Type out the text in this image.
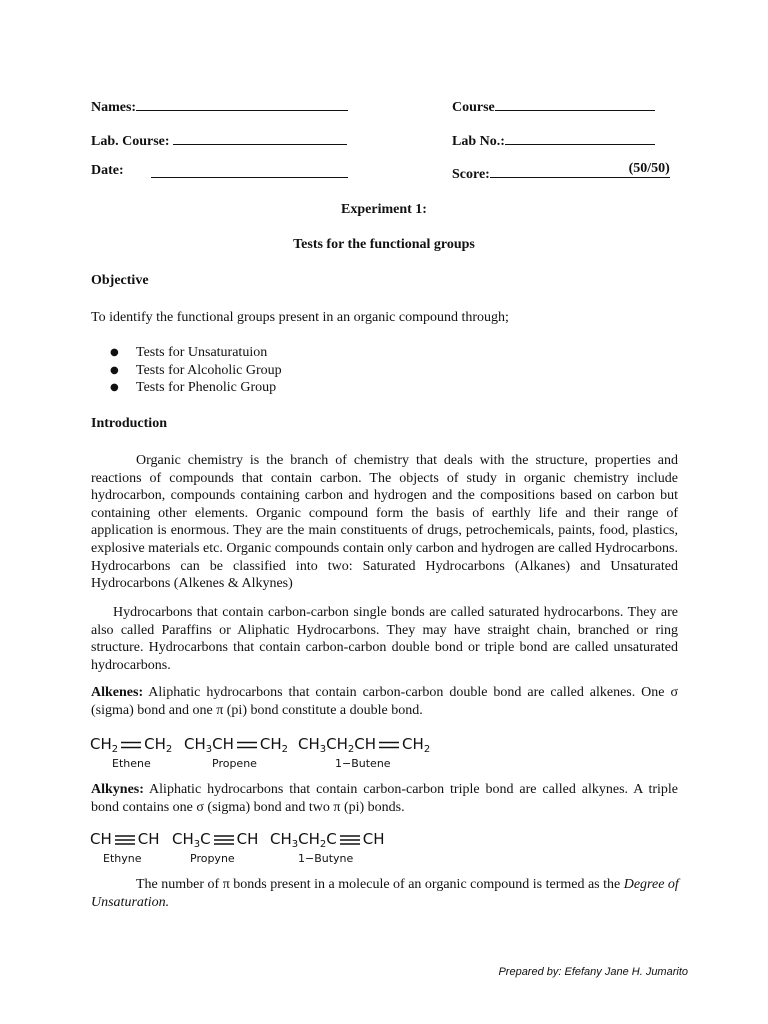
Names:	Course
Lab. Course:	Lab No.:
Date:	Score:	(50/50)
Experiment 1:
Tests for the functional groups
Objective
To identify the functional groups present in an organic compound through;
● Tests for Unsaturatuion
● Tests for Alcoholic Group
● Tests for Phenolic Group
Introduction
Organic chemistry is the branch of chemistry that deals with the structure, properties and reactions of compounds that contain carbon. The objects of study in organic chemistry include hydrocarbon, compounds containing carbon and hydrogen and the compositions based on carbon but containing other elements. Organic compound form the basis of earthly life and their range of application is enormous. They are the main constituents of drugs, petrochemicals, paints, food, plastics, explosive materials etc. Organic compounds contain only carbon and hydrogen are called Hydrocarbons. Hydrocarbons can be classified into two: Saturated Hydrocarbons (Alkanes) and Unsaturated Hydrocarbons (Alkenes & Alkynes)
Hydrocarbons that contain carbon-carbon single bonds are called saturated hydrocarbons. They are also called Paraffins or Aliphatic Hydrocarbons. They may have straight chain, branched or ring structure. Hydrocarbons that contain carbon-carbon double bond or triple bond are called unsaturated hydrocarbons.
Alkenes: Aliphatic hydrocarbons that contain carbon-carbon double bond are called alkenes. One σ (sigma) bond and one π (pi) bond constitute a double bond.
$CH_2$ $CH_2$
Ethene
$CH_3CH$ $CH_2$
Propene
$CH_3CH_2CH$ $CH_2$
1−Butene
Alkynes: Aliphatic hydrocarbons that contain carbon-carbon triple bond are called alkynes. A triple bond contains one σ (sigma) bond and two π (pi) bonds.
CH CH
Ethyne
$CH_3C$ CH
Propyne
$CH_3CH_2C$ CH
1−Butyne
The number of π bonds present in a molecule of an organic compound is termed as the Degree of Unsaturation.
Prepared by: Efefany Jane H. Jumarito
